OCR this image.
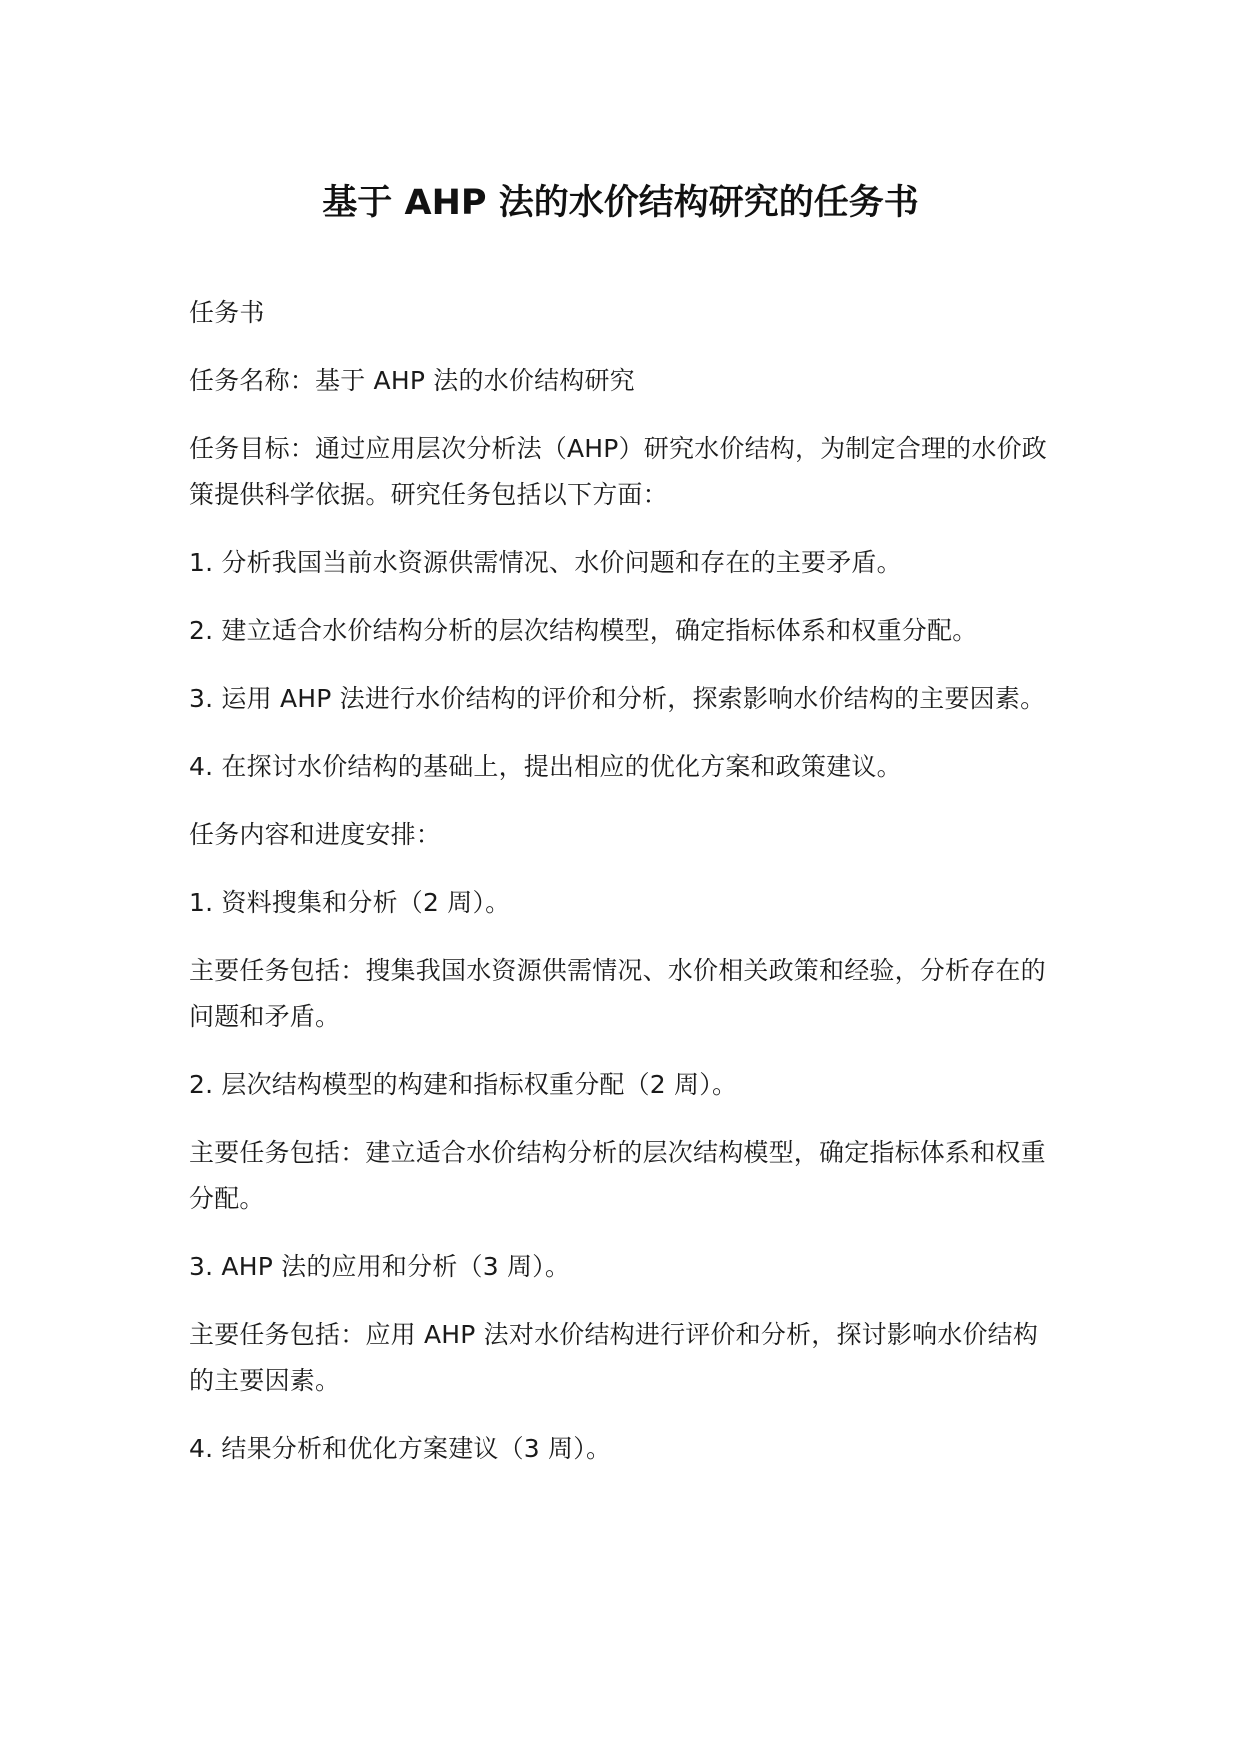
基于 AHP 法的水价结构研究的任务书

任务书

任务名称：基于 AHP 法的水价结构研究

任务目标：通过应用层次分析法（AHP）研究水价结构，为制定合理的水价政策提供科学依据。研究任务包括以下方面：

1. 分析我国当前水资源供需情况、水价问题和存在的主要矛盾。

2. 建立适合水价结构分析的层次结构模型，确定指标体系和权重分配。

3. 运用 AHP 法进行水价结构的评价和分析，探索影响水价结构的主要因素。

4. 在探讨水价结构的基础上，提出相应的优化方案和政策建议。

任务内容和进度安排：

1. 资料搜集和分析（2 周）。

主要任务包括：搜集我国水资源供需情况、水价相关政策和经验，分析存在的问题和矛盾。

2. 层次结构模型的构建和指标权重分配（2 周）。

主要任务包括：建立适合水价结构分析的层次结构模型，确定指标体系和权重分配。

3. AHP 法的应用和分析（3 周）。

主要任务包括：应用 AHP 法对水价结构进行评价和分析，探讨影响水价结构的主要因素。

4. 结果分析和优化方案建议（3 周）。
